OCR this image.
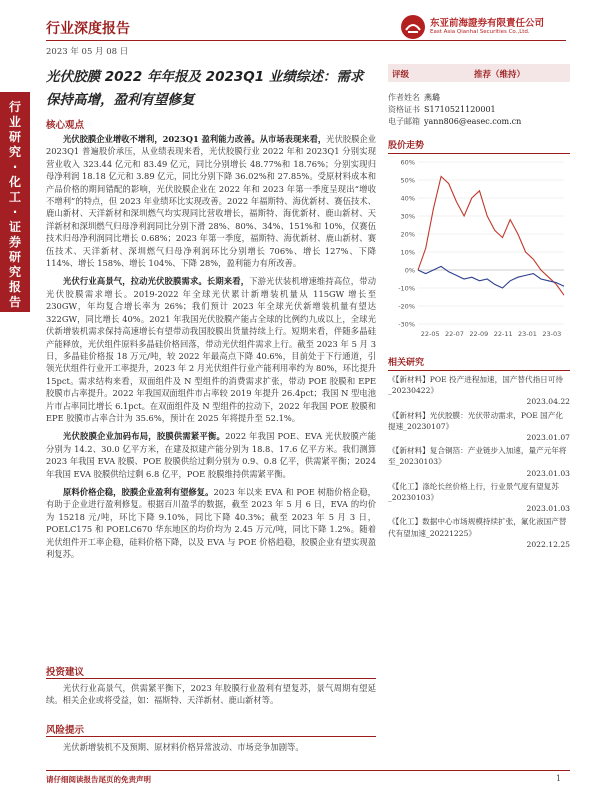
行业深度报告
2023 年 05 月 08 日
东亚前海證券有限責任公司
East Asia Qianhai Securities Co.,Ltd.
行业研究·化工·证券研究报告
光伏胶膜 2022 年年报及 2023Q1 业绩综述：需求保持高增，盈利有望修复
核心观点

光伏胶膜企业增收不增利，2023Q1 盈利能力改善。从市场表现来看，光伏胶膜企业 2023Q1 普遍股价承压，从业绩表现来看，光伏胶膜行业 2022 年和 2023Q1 分别实现营业收入 323.44 亿元和 83.49 亿元，同比分别增长 48.77%和 18.76%；分别实现归母净利润 18.18 亿元和 3.89 亿元，同比分别下降 36.02%和 27.85%。受原材料成本和产品价格的期间错配的影响，光伏胶膜企业在 2022 年和 2023 年第一季度呈现出“增收不增利”的特点，但 2023 年业绩环比实现改善。2022 年福斯特、海优新材、赛伍技术、鹿山新材、天洋新材和深圳燃气均实现同比营收增长，福斯特、海优新材、鹿山新材、天洋新材和深圳燃气归母净利润同比分别下滑 28%、80%、34%、151%和 10%，仅赛伍技术归母净利润同比增长 0.68%；2023 年第一季度，福斯特、海优新材、鹿山新材、赛伍技术、天洋新材、深圳燃气归母净利润环比分别增长 706%、增长 127%、下降 114%、增长 158%、增长 104%、下降 28%，盈利能力有所改善。

光伏行业高景气，拉动光伏胶膜需求。长期来看，下游光伏装机增速维持高位，带动光伏胶膜需求增长。2019-2022 年全球光伏累计新增装机量从 115GW 增长至 230GW，年均复合增长率为 26%；我们预计 2023 年全球光伏新增装机量有望达 322GW，同比增长 40%。2021 年我国光伏胶膜产能占全球的比例约九成以上，全球光伏新增装机需求保持高速增长有望带动我国胶膜出货量持续上行。短期来看，伴随多晶硅产能释放，光伏组件原料多晶硅价格回落，带动光伏组件需求上行。截至 2023 年 5 月 3 日，多晶硅价格报 18 万元/吨，较 2022 年最高点下降 40.6%，目前处于下行通道，引领光伏组件行业开工率提升，2023 年 2 月光伏组件行业产能利用率约为 80%，环比提升 15pct。需求结构来看，双面组件及 N 型组件的消费需求扩张，带动 POE 胶膜和 EPE 胶膜市占率提升。2022 年我国双面组件市占率较 2019 年提升 26.4pct；我国 N 型电池片市占率同比增长 6.1pct。在双面组件及 N 型组件的拉动下，2022 年我国 POE 胶膜和 EPE 胶膜市占率合计为 35.6%，预计在 2025 年将提升至 52.1%。

光伏胶膜企业加码布局，胶膜供需紧平衡。2022 年我国 POE、EVA 光伏胶膜产能分别为 14.2、30.0 亿平方米，在建及拟建产能分别为 18.8、17.6 亿平方米。我们测算 2023 年我国 EVA 胶膜、POE 胶膜供给过剩分别为 0.9、0.8 亿平，供需紧平衡；2024 年我国 EVA 胶膜供给过剩 6.8 亿平，POE 胶膜维持供需紧平衡。

原料价格企稳，胶膜企业盈利有望修复。2023 年以来 EVA 和 POE 树脂价格企稳，有助于企业进行盈利修复。根据百川盈孚的数据，截至 2023 年 5 月 6 日，EVA 的均价为 15218 元/吨，环比下降 9.10%，同比下降 40.3%；截至 2023 年 5 月 3 日，POELC175 和 POELC670 华东地区的均价均为 2.45 万元/吨，同比下降 1.2%。随着光伏组件开工率企稳，硅料价格下降，以及 EVA 与 POE 价格趋稳，胶膜企业有望实现盈利复苏。

投资建议

光伏行业高景气，供需紧平衡下，2023 年胶膜行业盈利有望复苏，景气周期有望延续。相关企业或将受益，如：福斯特、天洋新材、鹿山新材等。

风险提示

光伏新增装机不及预期、原材料价格异常波动、市场竞争加剧等。

评级	推荐（维持）
作者姓名 燕璐
资格证书 S1710521120001
电子邮箱 yann806@easec.com.cn
股价走势
60%
50%
40%
30%
20%
10%
0%
-10%
-20%
-30%
22-05 22-07 22-09 22-11 23-01 23-03
相关研究
《【新材料】POE 投产进程加速，国产替代指日可待_20230422》
2023.04.22
《【新材料】光伏胶膜：光伏带动需求，POE 国产化提速_20230107》
2023.01.07
《【新材料】复合铜箔：产业链步入加速，量产元年将至_20230103》
2023.01.03
《【化工】涤纶长丝价格上行，行业景气度有望复苏_20230103》
2023.01.03
《【化工】数据中心市场规模持续扩张，氟化液国产替代有望加速_20221225》
2022.12.25
请仔细阅读报告尾页的免责声明	1
